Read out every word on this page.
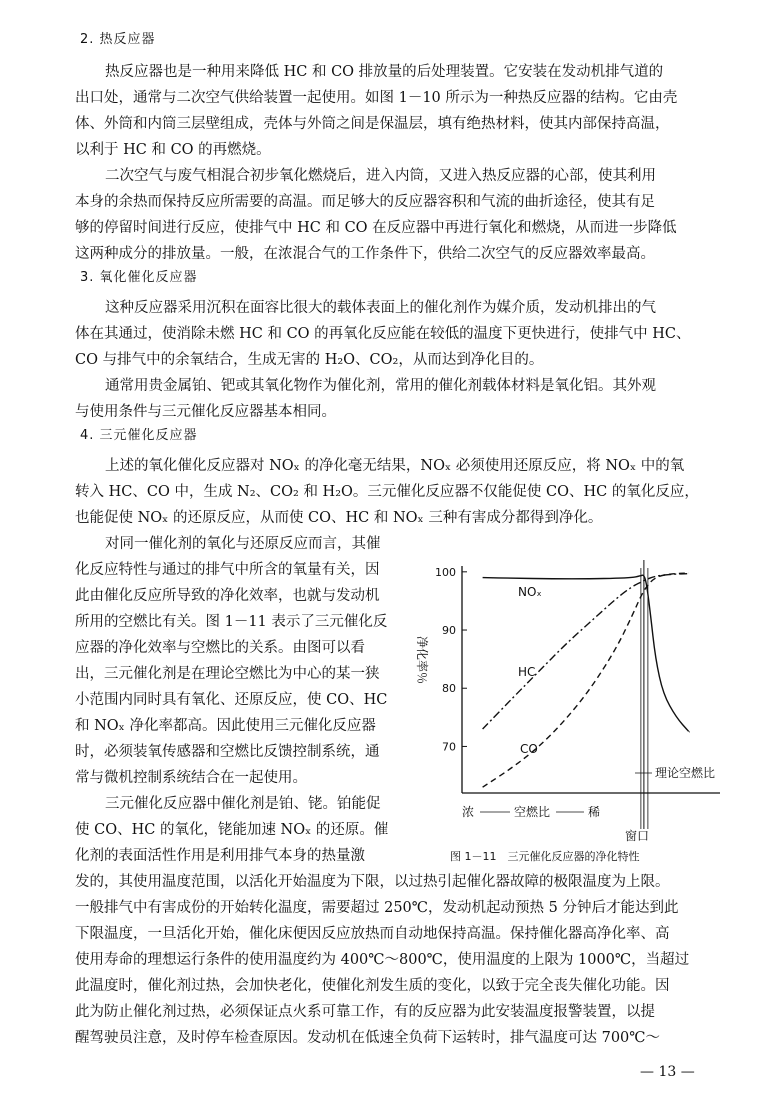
2. 热反应器
热反应器也是一种用来降低 HC 和 CO 排放量的后处理装置。它安装在发动机排气道的
出口处，通常与二次空气供给装置一起使用。如图 1－10 所示为一种热反应器的结构。它由壳
体、外筒和内筒三层壁组成，壳体与外筒之间是保温层，填有绝热材料，使其内部保持高温，
以利于 HC 和 CO 的再燃烧。
二次空气与废气相混合初步氧化燃烧后，进入内筒，又进入热反应器的心部，使其利用
本身的余热而保持反应所需要的高温。而足够大的反应器容积和气流的曲折途径，使其有足
够的停留时间进行反应，使排气中 HC 和 CO 在反应器中再进行氧化和燃烧，从而进一步降低
这两种成分的排放量。一般，在浓混合气的工作条件下，供给二次空气的反应器效率最高。
3. 氧化催化反应器
这种反应器采用沉积在面容比很大的载体表面上的催化剂作为媒介质，发动机排出的气
体在其通过，使消除未燃 HC 和 CO 的再氧化反应能在较低的温度下更快进行，使排气中 HC、
CO 与排气中的余氧结合，生成无害的 H₂O、CO₂，从而达到净化目的。
通常用贵金属铂、钯或其氧化物作为催化剂，常用的催化剂载体材料是氧化铝。其外观
与使用条件与三元催化反应器基本相同。
4. 三元催化反应器
上述的氧化催化反应器对 NOₓ 的净化毫无结果，NOₓ 必须使用还原反应，将 NOₓ 中的氧
转入 HC、CO 中，生成 N₂、CO₂ 和 H₂O。三元催化反应器不仅能促使 CO、HC 的氧化反应，
也能促使 NOₓ 的还原反应，从而使 CO、HC 和 NOₓ 三种有害成分都得到净化。
对同一催化剂的氧化与还原反应而言，其催
化反应特性与通过的排气中所含的氧量有关，因
此由催化反应所导致的净化效率，也就与发动机
所用的空燃比有关。图 1－11 表示了三元催化反
应器的净化效率与空燃比的关系。由图可以看
出，三元催化剂是在理论空燃比为中心的某一狭
小范围内同时具有氧化、还原反应，使 CO、HC
和 NOₓ 净化率都高。因此使用三元催化反应器
时，必须装氧传感器和空燃比反馈控制系统，通
常与微机控制系统结合在一起使用。
三元催化反应器中催化剂是铂、铑。铂能促
使 CO、HC 的氧化，铑能加速 NOₓ 的还原。催
化剂的表面活性作用是利用排气本身的热量激
发的，其使用温度范围，以活化开始温度为下限，以过热引起催化器故障的极限温度为上限。
一般排气中有害成份的开始转化温度，需要超过 250℃，发动机起动预热 5 分钟后才能达到此
下限温度，一旦活化开始，催化床便因反应放热而自动地保持高温。保持催化器高净化率、高
使用寿命的理想运行条件的使用温度约为 400℃～800℃，使用温度的上限为 1000℃，当超过
此温度时，催化剂过热，会加快老化，使催化剂发生质的变化，以致于完全丧失催化功能。因
此为防止催化剂过热，必须保证点火系可靠工作，有的反应器为此安装温度报警装置，以提
醒驾驶员注意，及时停车检查原因。发动机在低速全负荷下运转时，排气温度可达 700℃～
— 13 —
净化率％
70
80
90
100
NOₓ
HC
CO
理论空燃比
浓	空燃比	稀
窗口
图 1－11　三元催化反应器的净化特性
